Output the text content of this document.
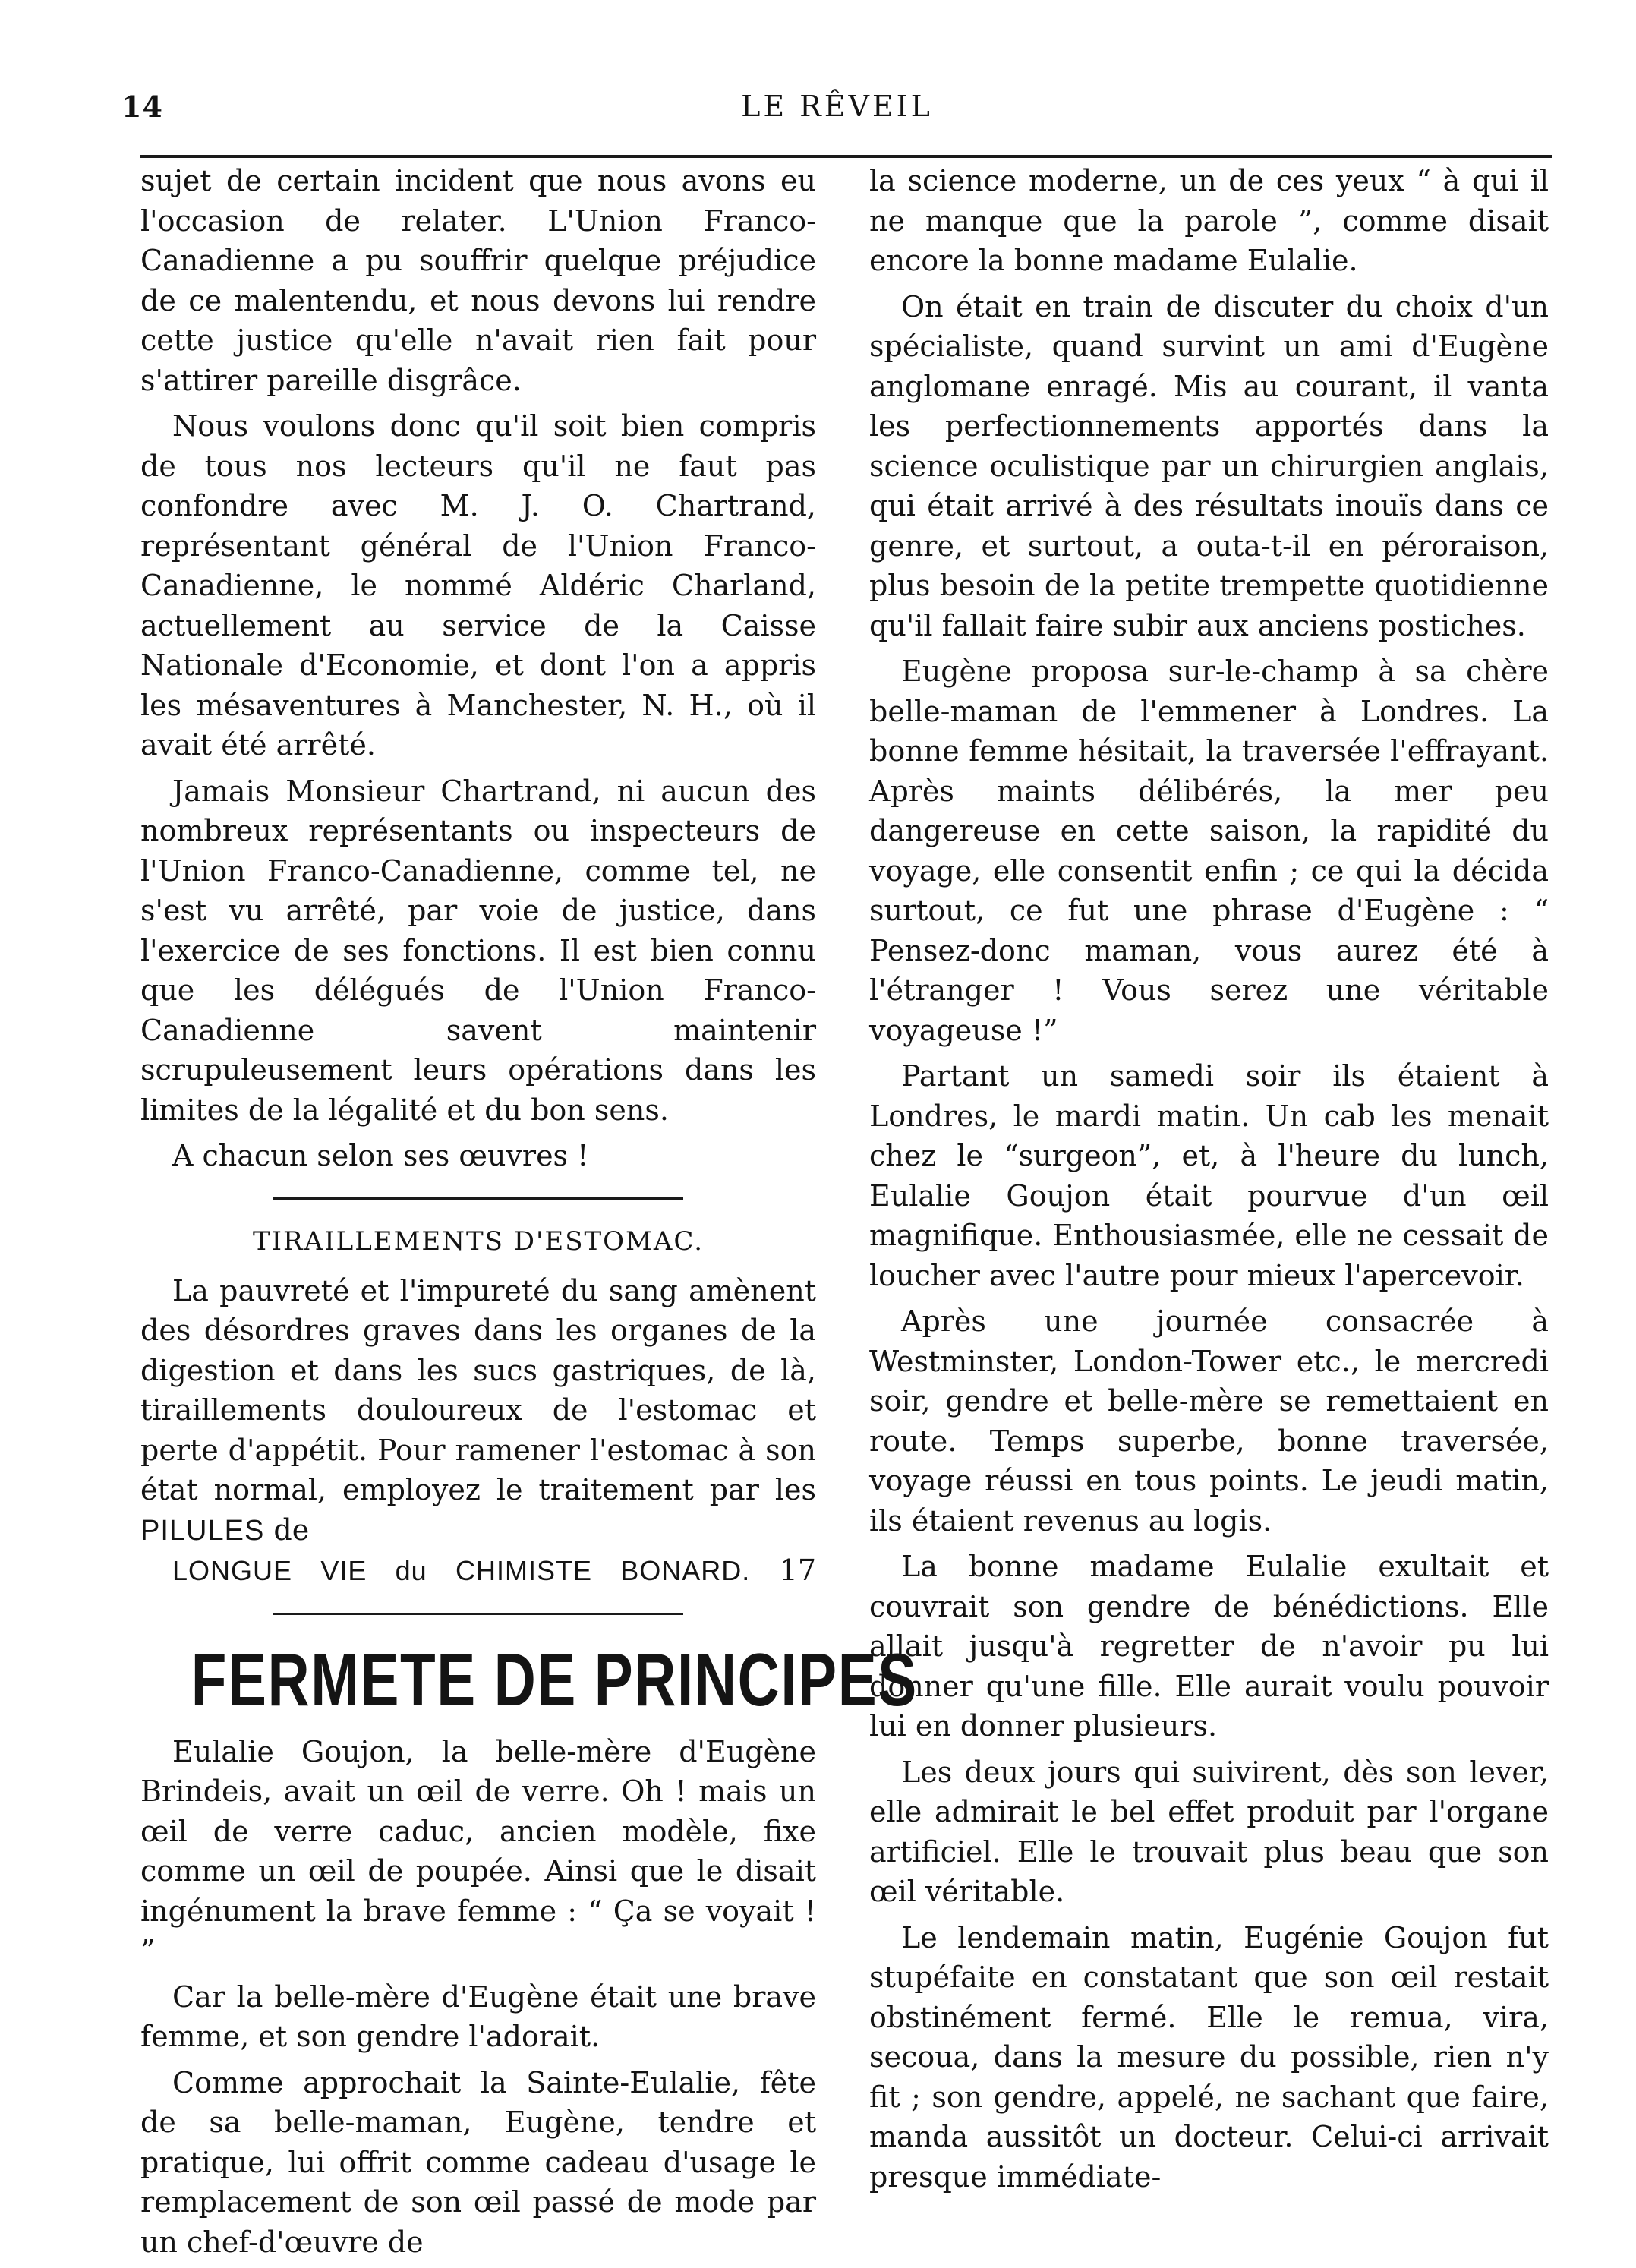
14	LE RÊVEIL

sujet de certain incident que nous avons eu l'occasion de relater. L'Union Franco-Canadienne a pu souffrir quelque préjudice de ce malentendu, et nous devons lui rendre cette justice qu'elle n'avait rien fait pour s'attirer pareille disgrâce.

Nous voulons donc qu'il soit bien compris de tous nos lecteurs qu'il ne faut pas confondre avec M. J. O. Chartrand, représentant général de l'Union Franco-Canadienne, le nommé Aldéric Charland, actuellement au service de la Caisse Nationale d'Economie, et dont l'on a appris les mésaventures à Manchester, N. H., où il avait été arrêté.

Jamais Monsieur Chartrand, ni aucun des nombreux représentants ou inspecteurs de l'Union Franco-Canadienne, comme tel, ne s'est vu arrêté, par voie de justice, dans l'exercice de ses fonctions. Il est bien connu que les délégués de l'Union Franco-Canadienne savent maintenir scrupuleusement leurs opérations dans les limites de la légalité et du bon sens.

A chacun selon ses œuvres !

TIRAILLEMENTS D'ESTOMAC.

La pauvreté et l'impureté du sang amènent des désordres graves dans les organes de la digestion et dans les sucs gastriques, de là, tiraillements douloureux de l'estomac et perte d'appétit. Pour ramener l'estomac à son état normal, employez le traitement par les PILULES de
LONGUE VIE du CHIMISTE BONARD. 17

FERMETE DE PRINCIPES

Eulalie Goujon, la belle-mère d'Eugène Brindeis, avait un œil de verre. Oh ! mais un œil de verre caduc, ancien modèle, fixe comme un œil de poupée. Ainsi que le disait ingénument la brave femme : “ Ça se voyait ! ”

Car la belle-mère d'Eugène était une brave femme, et son gendre l'adorait.

Comme approchait la Sainte-Eulalie, fête de sa belle-maman, Eugène, tendre et pratique, lui offrit comme cadeau d'usage le remplacement de son œil passé de mode par un chef-d'œuvre de

la science moderne, un de ces yeux “ à qui il ne manque que la parole ”, comme disait encore la bonne madame Eulalie.

On était en train de discuter du choix d'un spécialiste, quand survint un ami d'Eugène anglomane enragé. Mis au courant, il vanta les perfectionnements apportés dans la science oculistique par un chirurgien anglais, qui était arrivé à des résultats inouïs dans ce genre, et surtout, a outa-t-il en péroraison, plus besoin de la petite trempette quotidienne qu'il fallait faire subir aux anciens postiches.

Eugène proposa sur-le-champ à sa chère belle-maman de l'emmener à Londres. La bonne femme hésitait, la traversée l'effrayant. Après maints délibérés, la mer peu dangereuse en cette saison, la rapidité du voyage, elle consentit enfin ; ce qui la décida surtout, ce fut une phrase d'Eugène : “ Pensez-donc maman, vous aurez été à l'étranger ! Vous serez une véritable voyageuse !”

Partant un samedi soir ils étaient à Londres, le mardi matin. Un cab les menait chez le “surgeon”, et, à l'heure du lunch, Eulalie Goujon était pourvue d'un œil magnifique. Enthousiasmée, elle ne cessait de loucher avec l'autre pour mieux l'apercevoir.

Après une journée consacrée à Westminster, London-Tower etc., le mercredi soir, gendre et belle-mère se remettaient en route. Temps superbe, bonne traversée, voyage réussi en tous points. Le jeudi matin, ils étaient revenus au logis.

La bonne madame Eulalie exultait et couvrait son gendre de bénédictions. Elle allait jusqu'à regretter de n'avoir pu lui donner qu'une fille. Elle aurait voulu pouvoir lui en donner plusieurs.

Les deux jours qui suivirent, dès son lever, elle admirait le bel effet produit par l'organe artificiel. Elle le trouvait plus beau que son œil véritable.

Le lendemain matin, Eugénie Goujon fut stupéfaite en constatant que son œil restait obstinément fermé. Elle le remua, vira, secoua, dans la mesure du possible, rien n'y fit ; son gendre, appelé, ne sachant que faire, manda aussitôt un docteur. Celui-ci arrivait presque immédiate-
